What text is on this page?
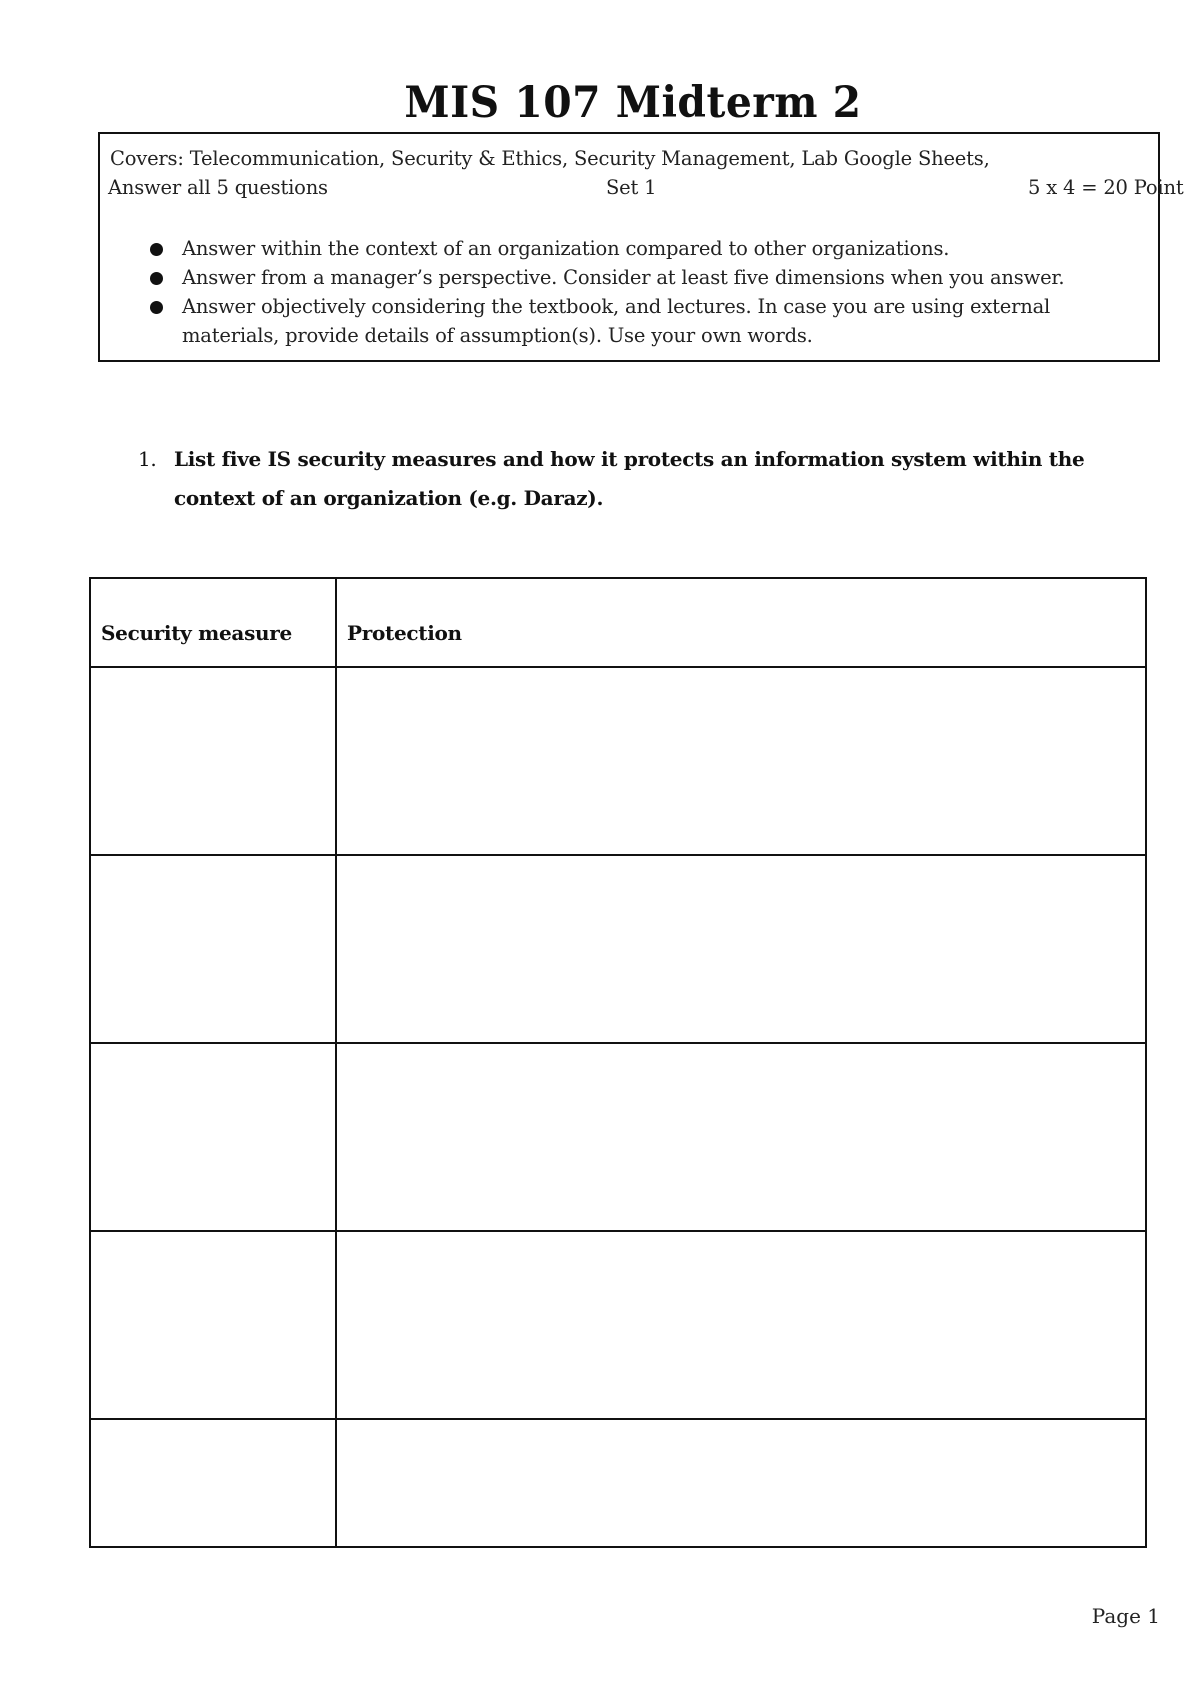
MIS 107 Midterm 2
Covers: Telecommunication, Security & Ethics, Security Management, Lab Google Sheets,
Answer all 5 questions	Set 1	5 x 4 = 20 Point
Answer within the context of an organization compared to other organizations.
Answer from a manager’s perspective. Consider at least five dimensions when you answer.
Answer objectively considering the textbook, and lectures. In case you are using external materials, provide details of assumption(s). Use your own words.
1. List five IS security measures and how it protects an information system within the context of an organization (e.g. Daraz).
Security measure	Protection

Page 1
